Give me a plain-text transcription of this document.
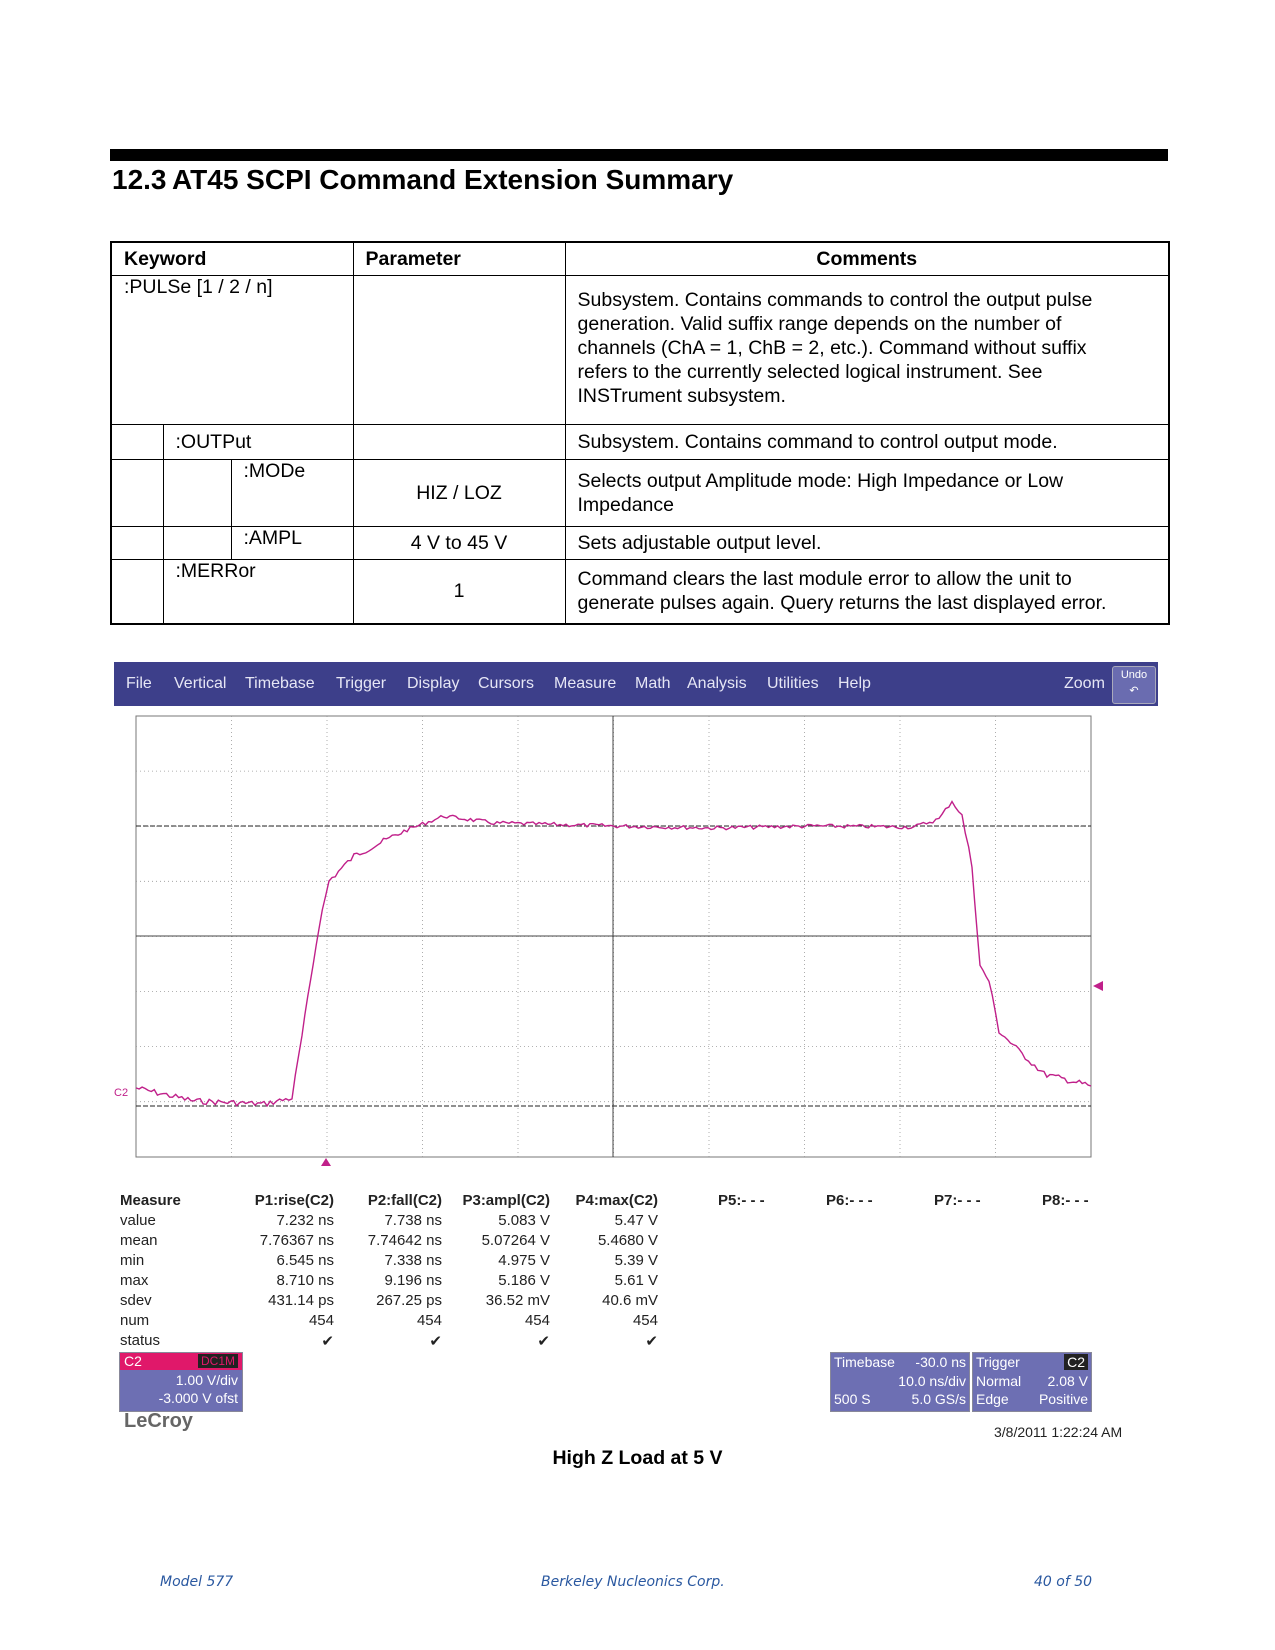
12.3 AT45 SCPI Command Extension Summary
Keyword			Parameter	Comments
:PULSe [1 / 2 / n]				Subsystem. Contains commands to control the output pulse
generation. Valid suffix range depends on the number of
channels (ChA = 1, ChB = 2, etc.). Command without suffix
refers to the currently selected logical instrument. See
INSTrument subsystem.

	:OUTPut			Subsystem. Contains command to control output mode.
		:MODe	HIZ / LOZ	Selects output Amplitude mode: High Impedance or Low
Impedance

		:AMPL	4 V to 45 V	Sets adjustable output level.
	:MERRor		1	Command clears the last module error to allow the unit to
generate pulses again. Query returns the last displayed error.
File Vertical Timebase Trigger Display Cursors Measure Math Analysis Utilities Help	Zoom	Undo
↶
C2
Measure	P1:rise(C2)	P2:fall(C2)	P3:ampl(C2)	P4:max(C2)	P5:- - -	P6:- - -	P7:- - -	P8:- - -
value	7.232 ns	7.738 ns	5.083 V	5.47 V
mean	7.76367 ns	7.74642 ns	5.07264 V	5.4680 V
min	6.545 ns	7.338 ns	4.975 V	5.39 V
max	8.710 ns	9.196 ns	5.186 V	5.61 V
sdev	431.14 ps	267.25 ps	36.52 mV	40.6 mV
num	454	454	454	454
status	✔	✔	✔	✔
C2	DC1M
1.00 V/div
-3.000 V ofst
Timebase -30.0 ns
10.0 ns/div
500 S	5.0 GS/s
Trigger	C2
Normal 2.08 V
Edge Positive
LeCroy	3/8/2011 1:22:24 AM
High Z Load at 5 V
Model 577	Berkeley Nucleonics Corp.	40 of 50
